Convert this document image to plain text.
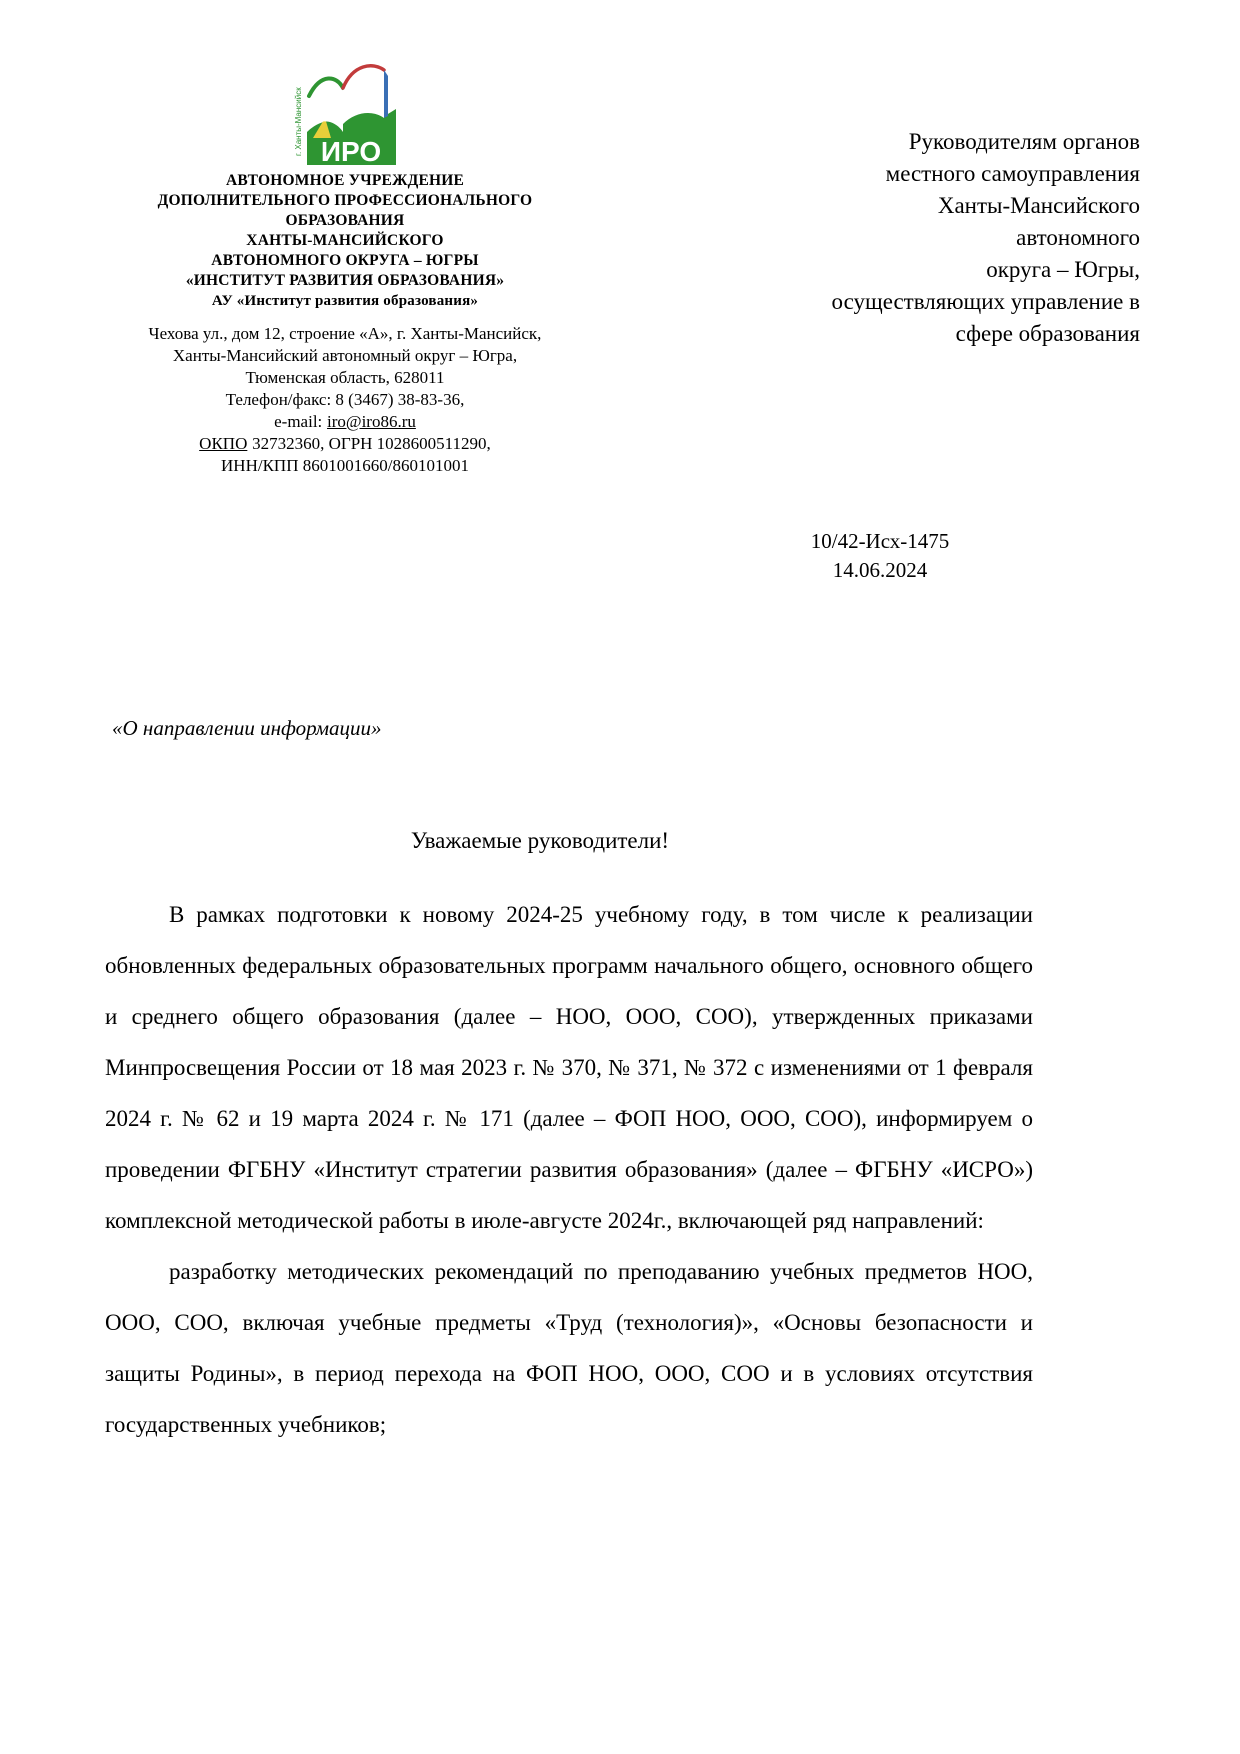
г. Ханты-Мансийск ИРО
АВТОНОМНОЕ УЧРЕЖДЕНИЕ
ДОПОЛНИТЕЛЬНОГО ПРОФЕССИОНАЛЬНОГО
ОБРАЗОВАНИЯ
ХАНТЫ-МАНСИЙСКОГО
АВТОНОМНОГО ОКРУГА – ЮГРЫ
«ИНСТИТУТ РАЗВИТИЯ ОБРАЗОВАНИЯ»
АУ «Институт развития образования»
Чехова ул., дом 12, строение «А», г. Ханты-Мансийск,
Ханты-Мансийский автономный округ – Югра,
Тюменская область, 628011
Телефон/факс: 8 (3467) 38-83-36,
e-mail: iro@iro86.ru
ОКПО 32732360, ОГРН 1028600511290,
ИНН/КПП 8601001660/860101001
Руководителям органов
местного самоуправления
Ханты-Мансийского
автономного
округа – Югры,
осуществляющих управление в
сфере образования
10/42-Исх-1475
14.06.2024
«О направлении информации»
Уважаемые руководители!

В рамках подготовки к новому 2024-25 учебному году, в том числе к реализации обновленных федеральных образовательных программ начального общего, основного общего и среднего общего образования (далее – НОО, ООО, СОО), утвержденных приказами Минпросвещения России от 18 мая 2023 г. № 370, № 371, № 372 с изменениями от 1 февраля 2024 г. № 62 и 19 марта 2024 г. № 171 (далее – ФОП НОО, ООО, СОО), информируем о проведении ФГБНУ «Институт стратегии развития образования» (далее – ФГБНУ «ИСРО») комплексной методической работы в июле-августе 2024г., включающей ряд направлений:

разработку методических рекомендаций по преподаванию учебных предметов НОО, ООО, СОО, включая учебные предметы «Труд (технология)», «Основы безопасности и защиты Родины», в период перехода на ФОП НОО, ООО, СОО и в условиях отсутствия государственных учебников;
